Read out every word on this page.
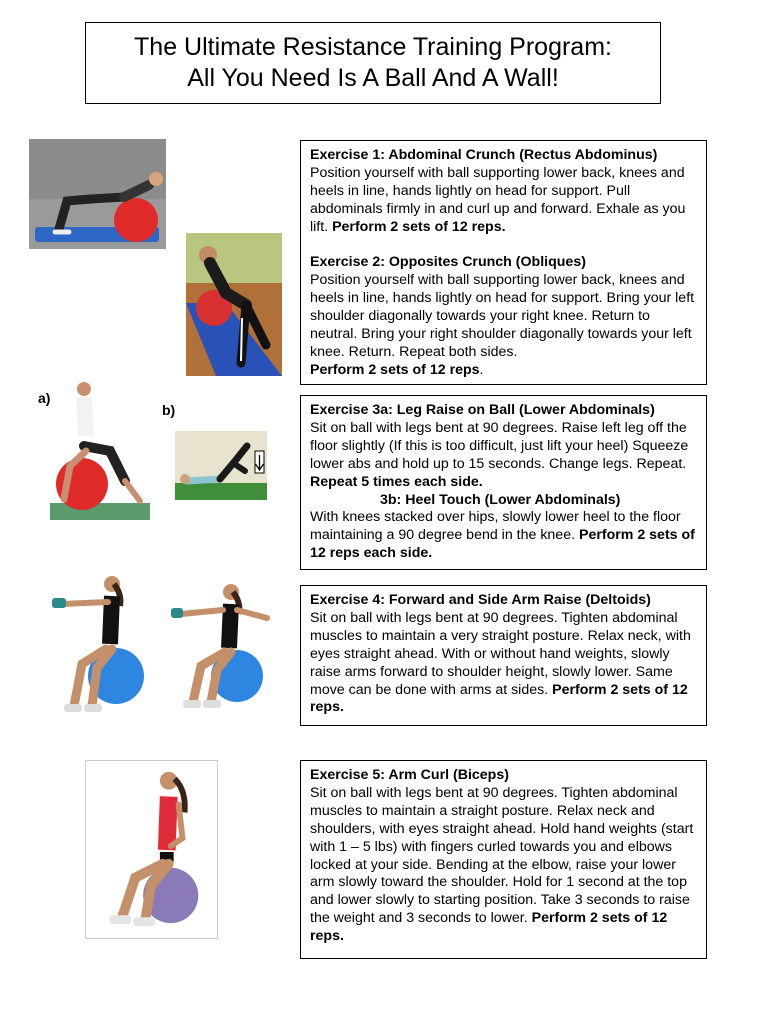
The Ultimate Resistance Training Program:
All You Need Is A Ball And A Wall!
a)
b)

Exercise 1: Abdominal Crunch (Rectus Abdominus)
Position yourself with ball supporting lower back, knees and heels in line, hands lightly on head for support. Pull abdominals firmly in and curl up and forward. Exhale as you lift. Perform 2 sets of 12 reps.

Exercise 2: Opposites Crunch (Obliques)
Position yourself with ball supporting lower back, knees and heels in line, hands lightly on head for support. Bring your left shoulder diagonally towards your right knee. Return to neutral. Bring your right shoulder diagonally towards your left knee. Return. Repeat both sides.
Perform 2 sets of 12 reps.

Exercise 3a: Leg Raise on Ball (Lower Abdominals)
Sit on ball with legs bent at 90 degrees. Raise left leg off the floor slightly (If this is too difficult, just lift your heel) Squeeze lower abs and hold up to 15 seconds. Change legs. Repeat. Repeat 5 times each side.

3b: Heel Touch (Lower Abdominals)
With knees stacked over hips, slowly lower heel to the floor maintaining a 90 degree bend in the knee. Perform 2 sets of 12 reps each side.

Exercise 4: Forward and Side Arm Raise (Deltoids)
Sit on ball with legs bent at 90 degrees. Tighten abdominal muscles to maintain a very straight posture. Relax neck, with eyes straight ahead. With or without hand weights, slowly raise arms forward to shoulder height, slowly lower. Same move can be done with arms at sides. Perform 2 sets of 12 reps.

Exercise 5: Arm Curl (Biceps)
Sit on ball with legs bent at 90 degrees. Tighten abdominal muscles to maintain a straight posture. Relax neck and shoulders, with eyes straight ahead. Hold hand weights (start with 1 – 5 lbs) with fingers curled towards you and elbows locked at your side. Bending at the elbow, raise your lower arm slowly toward the shoulder. Hold for 1 second at the top and lower slowly to starting position. Take 3 seconds to raise the weight and 3 seconds to lower. Perform 2 sets of 12 reps.
